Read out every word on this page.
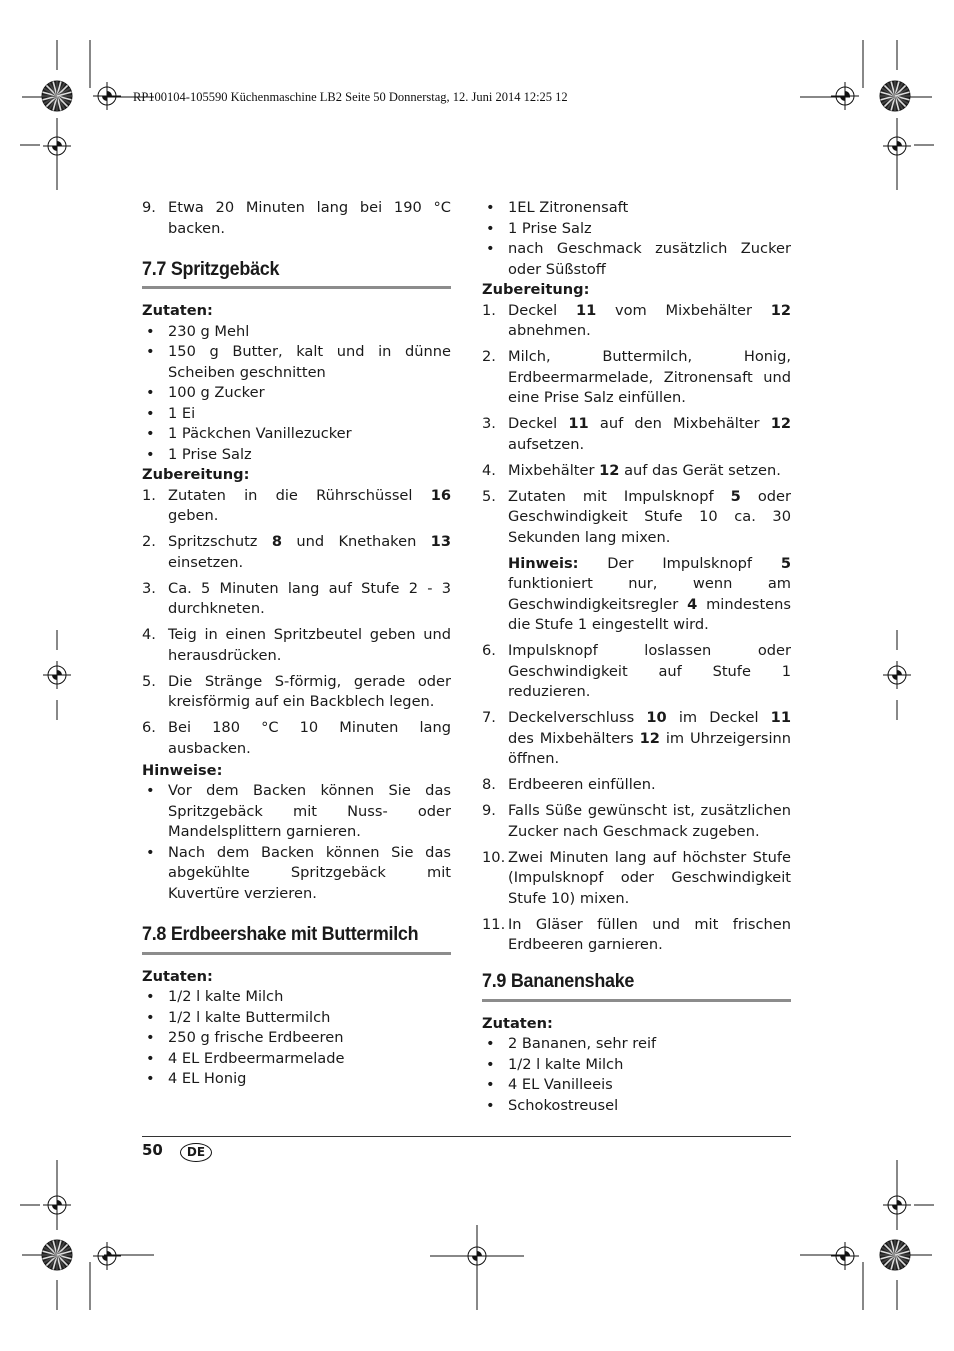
RP100104-105590 Küchenmaschine LB2 Seite 50 Donnerstag, 12. Juni 2014 12:25 12
9. Etwa 20 Minuten lang bei 190 °C backen.
7.7 Spritzgebäck
Zutaten:
• 230 g Mehl
• 150 g Butter, kalt und in dünne Scheiben geschnitten
• 100 g Zucker
• 1 Ei
• 1 Päckchen Vanillezucker
• 1 Prise Salz
Zubereitung:
1. Zutaten in die Rührschüssel 16 geben.
2. Spritzschutz 8 und Knethaken 13 einsetzen.
3. Ca. 5 Minuten lang auf Stufe 2 - 3 durchkneten.
4. Teig in einen Spritzbeutel geben und herausdrücken.
5. Die Stränge S-förmig, gerade oder kreisförmig auf ein Backblech legen.
6. Bei 180 °C 10 Minuten lang ausbacken.
Hinweise:
• Vor dem Backen können Sie das Spritzgebäck mit Nuss- oder Mandelsplittern garnieren.
• Nach dem Backen können Sie das abgekühlte Spritzgebäck mit Kuvertüre verzieren.
7.8 Erdbeershake mit Buttermilch
Zutaten:
• 1/2 l kalte Milch
• 1/2 l kalte Buttermilch
• 250 g frische Erdbeeren
• 4 EL Erdbeermarmelade
• 4 EL Honig
• 1EL Zitronensaft
• 1 Prise Salz
• nach Geschmack zusätzlich Zucker oder Süßstoff
Zubereitung:
1. Deckel 11 vom Mixbehälter 12 abnehmen.
2. Milch, Buttermilch, Honig, Erdbeermarmelade, Zitronensaft und eine Prise Salz einfüllen.
3. Deckel 11 auf den Mixbehälter 12 aufsetzen.
4. Mixbehälter 12 auf das Gerät setzen.
5. Zutaten mit Impulsknopf 5 oder Geschwindigkeit Stufe 10 ca. 30 Sekunden lang mixen.
Hinweis: Der Impulsknopf 5 funktioniert nur, wenn am Geschwindigkeitsregler 4 mindestens die Stufe 1 eingestellt wird.
6. Impulsknopf loslassen oder Geschwindigkeit auf Stufe 1 reduzieren.
7. Deckelverschluss 10 im Deckel 11 des Mixbehälters 12 im Uhrzeigersinn öffnen.
8. Erdbeeren einfüllen.
9. Falls Süße gewünscht ist, zusätzlichen Zucker nach Geschmack zugeben.
10. Zwei Minuten lang auf höchster Stufe (Impulsknopf oder Geschwindigkeit Stufe 10) mixen.
11. In Gläser füllen und mit frischen Erdbeeren garnieren.
7.9 Bananenshake
Zutaten:
• 2 Bananen, sehr reif
• 1/2 l kalte Milch
• 4 EL Vanilleeis
• Schokostreusel
50	DE
